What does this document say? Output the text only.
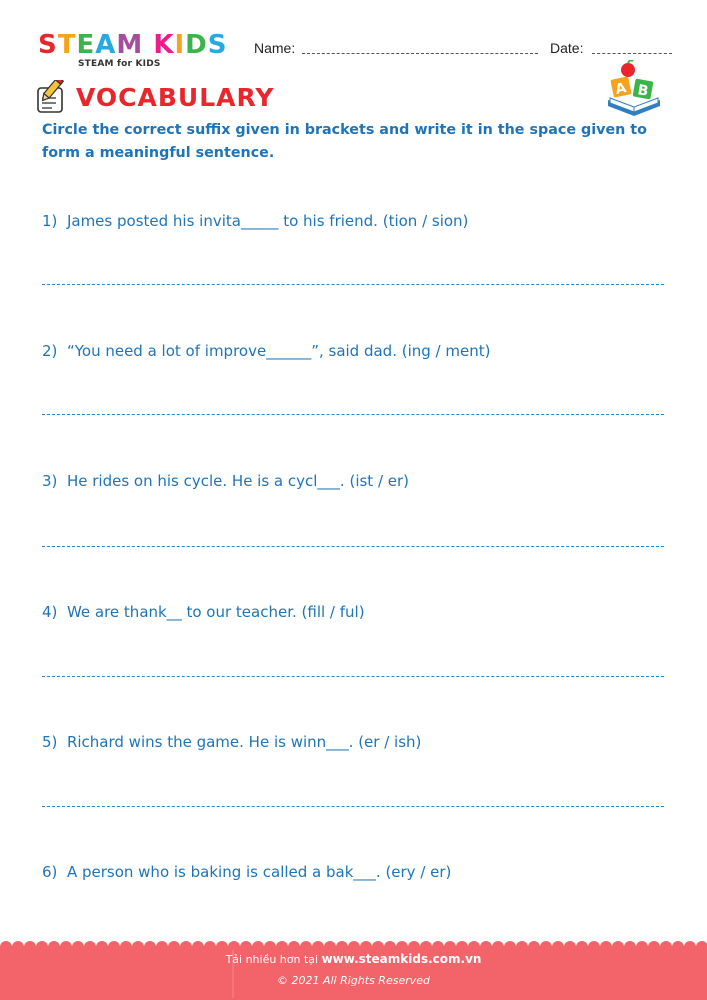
STEAM KIDS
STEAM for KIDS
Name:	Date:
VOCABULARY	A B
Circle the correct suffix given in brackets and write it in the space given to form a meaningful sentence.
1) James posted his invita_____ to his friend. (tion / sion)
2) “You need a lot of improve______”, said dad. (ing / ment)
3) He rides on his cycle. He is a cycl___. (ist / er)
4) We are thank__ to our teacher. (fill / ful)
5) Richard wins the game. He is winn___. (er / ish)
6) A person who is baking is called a bak___. (ery / er)
Tải nhiều hơn tại www.steamkids.com.vn
© 2021 All Rights Reserved
